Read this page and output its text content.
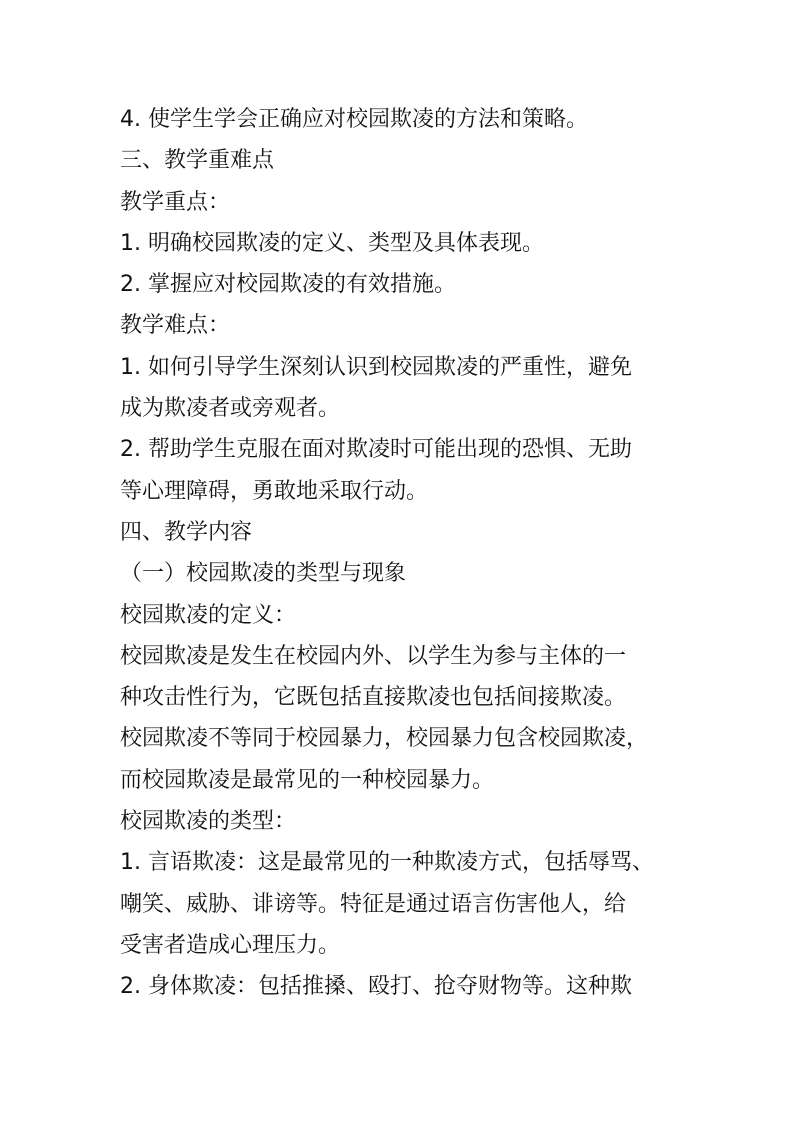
4. 使学生学会正确应对校园欺凌的方法和策略。
三、教学重难点
教学重点：
1. 明确校园欺凌的定义、类型及具体表现。
2. 掌握应对校园欺凌的有效措施。
教学难点：
1. 如何引导学生深刻认识到校园欺凌的严重性，避免
成为欺凌者或旁观者。
2. 帮助学生克服在面对欺凌时可能出现的恐惧、无助
等心理障碍，勇敢地采取行动。
四、教学内容
（一）校园欺凌的类型与现象
校园欺凌的定义：
校园欺凌是发生在校园内外、以学生为参与主体的一
种攻击性行为，它既包括直接欺凌也包括间接欺凌。
校园欺凌不等同于校园暴力，校园暴力包含校园欺凌，
而校园欺凌是最常见的一种校园暴力。
校园欺凌的类型：
1. 言语欺凌：这是最常见的一种欺凌方式，包括辱骂、
嘲笑、威胁、诽谤等。特征是通过语言伤害他人，给
受害者造成心理压力。
2. 身体欺凌：包括推搡、殴打、抢夺财物等。这种欺
